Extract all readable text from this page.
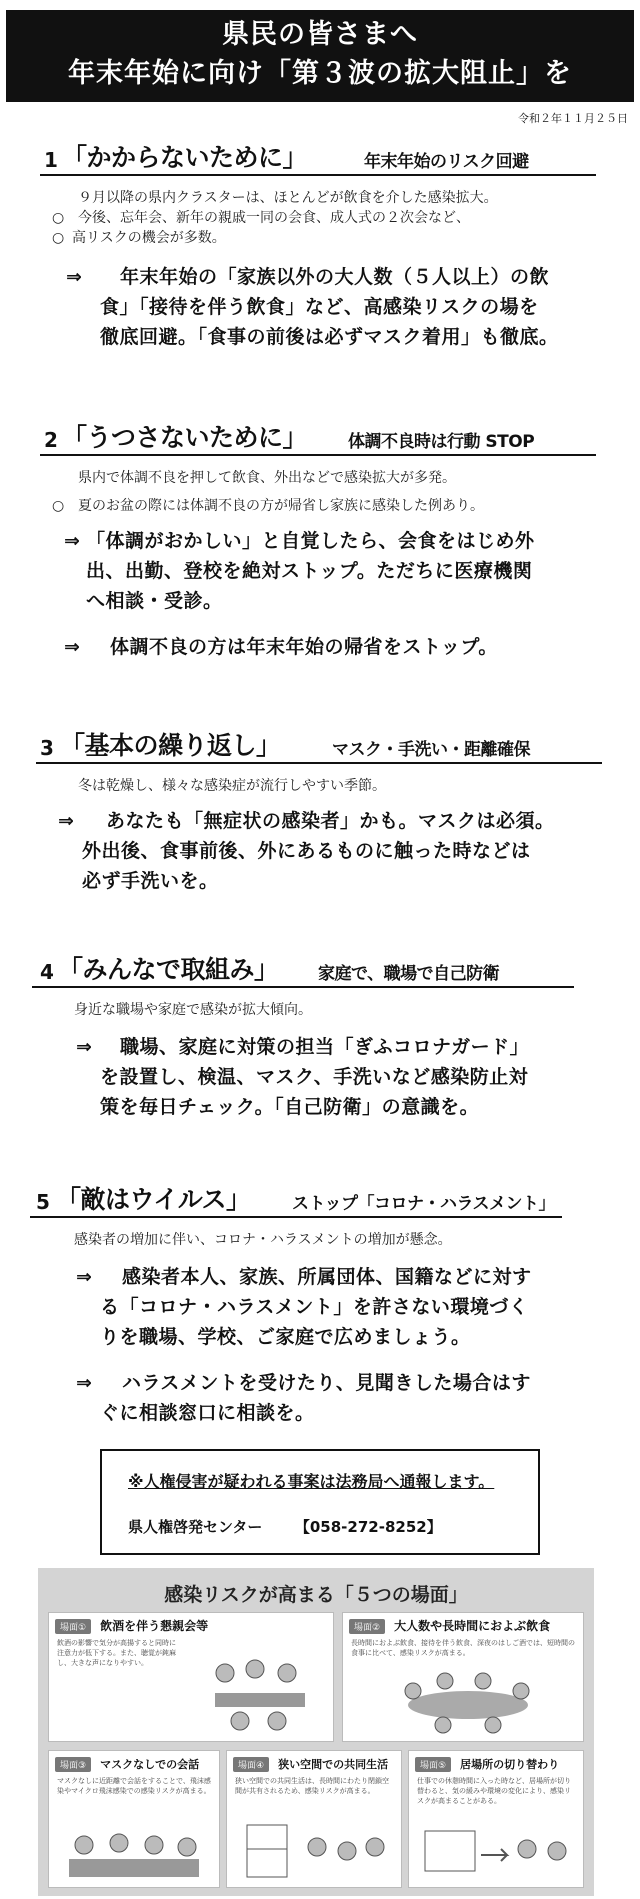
県民の皆さまへ
年末年始に向け「第３波の拡大阻止」を
令和２年１１月２５日
1 「かからないために」	年末年始のリスク回避
９月以降の県内クラスターは、ほとんどが飲食を介した感染拡大。
○ 今後、忘年会、新年の親戚一同の会食、成人式の２次会など、
○ 高リスクの機会が多数。
⇒	年末年始の「家族以外の大人数（５人以上）の飲
食」「接待を伴う飲食」など、高感染リスクの場を
徹底回避。「食事の前後は必ずマスク着用」も徹底。
2 「うつさないために」 体調不良時は行動 STOP
県内で体調不良を押して飲食、外出などで感染拡大が多発。
○ 夏のお盆の際には体調不良の方が帰省し家族に感染した例あり。
⇒ 「体調がおかしい」と自覚したら、会食をはじめ外
出、出勤、登校を絶対ストップ。ただちに医療機関
へ相談・受診。
⇒ 体調不良の方は年末年始の帰省をストップ。
3 「基本の繰り返し」	マスク・手洗い・距離確保
冬は乾燥し、様々な感染症が流行しやすい季節。
⇒	あなたも「無症状の感染者」かも。マスクは必須。
外出後、食事前後、外にあるものに触った時などは
必ず手洗いを。
4 「みんなで取組み」 家庭で、職場で自己防衛
身近な職場や家庭で感染が拡大傾向。
⇒	職場、家庭に対策の担当「ぎふコロナガード」
を設置し、検温、マスク、手洗いなど感染防止対
策を毎日チェック。「自己防衛」の意識を。
5 「敵はウイルス」 ストップ「コロナ・ハラスメント」
感染者の増加に伴い、コロナ・ハラスメントの増加が懸念。
⇒	感染者本人、家族、所属団体、国籍などに対す
る「コロナ・ハラスメント」を許さない環境づく
りを職場、学校、ご家庭で広めましょう。
⇒	ハラスメントを受けたり、見聞きした場合はす
ぐに相談窓口に相談を。
※人権侵害が疑われる事案は法務局へ通報します。
県人権啓発センター 【058-272-8252】
感染リスクが高まる「５つの場面」
場面① 飲酒を伴う懇親会等
飲酒の影響で気分が高揚すると同時に注意力が低下する。また、聴覚が鈍麻し、大きな声になりやすい。
場面② 大人数や長時間におよぶ飲食
長時間におよぶ飲食、接待を伴う飲食、深夜のはしご酒では、短時間の食事に比べて、感染リスクが高まる。
場面③ マスクなしでの会話
マスクなしに近距離で会話をすることで、飛沫感染やマイクロ飛沫感染での感染リスクが高まる。
場面④ 狭い空間での共同生活
狭い空間での共同生活は、長時間にわたり閉鎖空間が共有されるため、感染リスクが高まる。
場面⑤ 居場所の切り替わり
仕事での休憩時間に入った時など、居場所が切り替わると、気の緩みや環境の変化により、感染リスクが高まることがある。
